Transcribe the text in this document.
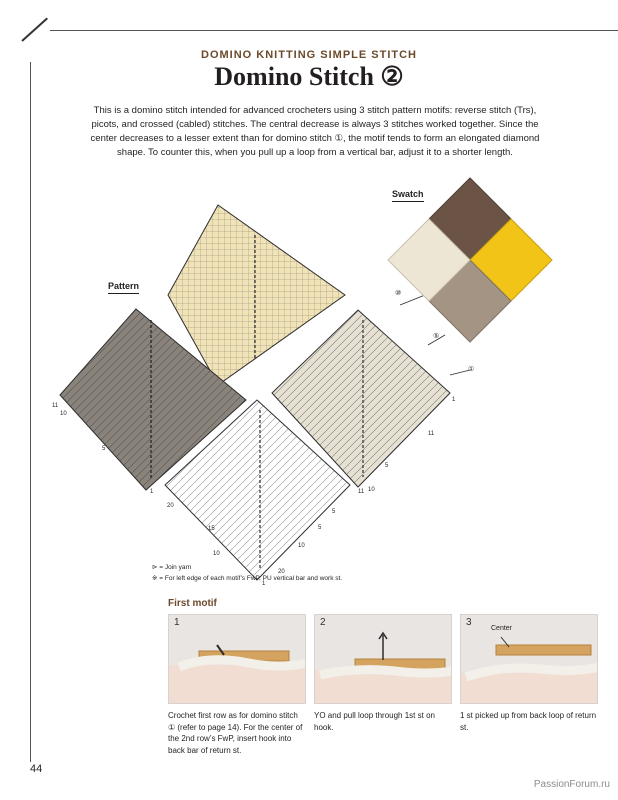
DOMINO KNITTING SIMPLE STITCH
Domino Stitch ②

This is a domino stitch intended for advanced crocheters using 3 stitch pattern motifs: reverse stitch (Trs), picots, and crossed (cabled) stitches. The central decrease is always 3 stitches worked together. Since the center decreases to a lesser extent than for domino stitch ①, the motif tends to form an elongated diamond shape. To counter this, when you pull up a loop from a vertical bar, adjust it to a shorter length.

Pattern
Swatch
⑩
⑤
①
11
10
5
1
20
11 10
5
1
5
10
11
15
20
10
5
1
⊳ = Join yarn
※ = For left edge of each motif’s FwP, PU vertical bar and work st.
First motif
1
Crochet first row as for domino stitch ① (refer to page 14). For the center of the 2nd row’s FwP, insert hook into back bar of return st.
2
YO and pull loop through 1st st on hook.
3
Center
1 st picked up from back loop of return st.
44
PassionForum.ru
